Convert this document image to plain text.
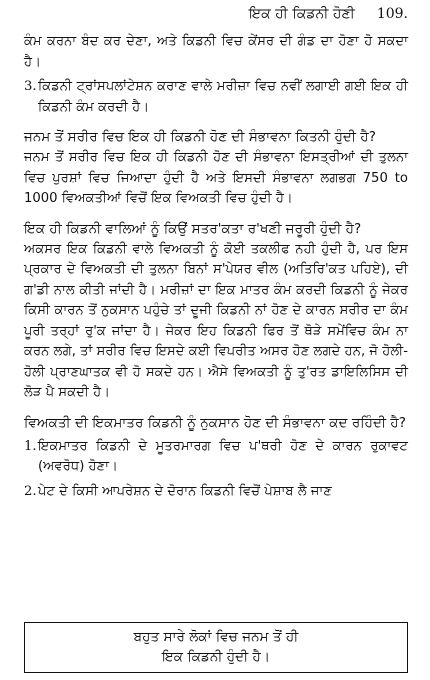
ਇਕ ਹੀ ਕਿਡਨੀ ਹੋਣੀ 109.

ਕੰਮ ਕਰਨਾ ਬੰਦ ਕਰ ਦੇਣਾ, ਅਤੇ ਕਿਡਨੀ ਵਿਚ ਕੇਂਸਰ ਦੀ ਗੰਡ ਦਾ ਹੋਣਾ ਹੋ ਸਕਦਾ ਹੈ।

3. ਕਿਡਨੀ ਟ੍ਰਾਂਸਪਲਾਂਟੇਸ਼ਨ ਕਰਾਣ ਵਾਲੇ ਮਰੀਜ਼ਾ ਵਿਚ ਨਵੀਂ ਲਗਾਈ ਗਈ ਇਕ ਹੀ ਕਿਡਨੀ ਕੰਮ ਕਰਦੀ ਹੈ।

ਜਨਮ ਤੋਂ ਸਰੀਰ ਵਿਚ ਇਕ ਹੀ ਕਿਡਨੀ ਹੋਣ ਦੀ ਸੰਭਾਵਨਾ ਕਿਤਨੀ ਹੁੰਦੀ ਹੈ?

ਜਨਮ ਤੋਂ ਸਰੀਰ ਵਿਚ ਇਕ ਹੀ ਕਿਡਨੀ ਹੋਣ ਦੀ ਸੰਭਾਵਨਾ ਇਸਤ੍ਰੀਆਂ ਦੀ ਤੁਲਨਾ ਵਿਚ ਪੁਰਸ਼ਾਂ ਵਿਚ ਜਿਆਦਾ ਹੁੰਦੀ ਹੈ ਅਤੇ ਇਸਦੀ ਸੰਭਾਵਨਾ ਲਗਭਗ 750 to 1000 ਵਿਅਕਤੀਆਂ ਵਿਚੋਂ ਇਕ ਵਿਅਕਤੀ ਵਿਚ ਹੁੰਦੀ ਹੈ।

ਇਕ ਹੀ ਕਿਡਨੀ ਵਾਲਿਆਂ ਨੂੰ ਕਿਉਂ ਸਤਰ'ਕਤਾ ਰ'ਖਣੀ ਜਰੂਰੀ ਹੁੰਦੀ ਹੈ?

ਅਕਸਰ ਇਕ ਕਿਡਨੀ ਵਾਲੇ ਵਿਅਕਤੀ ਨੂੰ ਕੋਈ ਤਕਲੀਫ ਨਹੀ ਹੁੰਦੀ ਹੈ, ਪਰ ਇਸ ਪ੍ਰਕਾਰ ਦੇ ਵਿਅਕਤੀ ਦੀ ਤੁਲਨਾ ਬਿਨਾਂ ਸ'ਪੇਯਰ ਵੀਲ (ਅਤਿਰਿ'ਕਤ ਪਹਿਏ), ਦੀ ਗ'ਡੀ ਨਾਲ ਕੀਤੀ ਜਾਂਦੀ ਹੈ। ਮਰੀਜ਼ਾਂ ਦਾ ਇਕ ਮਾਤਰ ਕੰਮ ਕਰਦੀ ਕਿਡਨੀ ਨੂੰ ਜੇਕਰ ਕਿਸੀ ਕਾਰਨ ਤੋਂ ਨੁਕਸਾਨ ਪਹੁੰਚੇ ਤਾਂ ਦੂਜੀ ਕਿਡਨੀ ਨਾਂ ਹੋਣ ਦੇ ਕਾਰਨ ਸਰੀਰ ਦਾ ਕੰਮ ਪੂਰੀ ਤਰ੍ਹਾਂ ਰੁ'ਕ ਜਾਂਦਾ ਹੈ। ਜੇਕਰ ਇਹ ਕਿਡਨੀ ਫਿਰ ਤੋਂ ਥੋੜੇ ਸਮੇਂਵਿਚ ਕੰਮ ਨਾ ਕਰਨ ਲਗੇ, ਤਾਂ ਸਰੀਰ ਵਿਚ ਇਸਦੇ ਕਈ ਵਿਪਰੀਤ ਅਸਰ ਹੋਣ ਲਗਦੇ ਹਨ, ਜੋ ਹੋਲੀ-ਹੋਲੀ ਪ੍ਰਾਣਘਾਤਕ ਵੀ ਹੋ ਸਕਦੇ ਹਨ। ਐਸੇ ਵਿਅਕਤੀ ਨੂੰ ਤੁ'ਰਤ ਡਾਇਲਿਸਿਸ ਦੀ ਲੋੜ ਪੈ ਸਕਦੀ ਹੈ।

ਵਿਅਕਤੀ ਦੀ ਇਕਮਾਤਰ ਕਿਡਨੀ ਨੂੰ ਨੁਕਸਾਨ ਹੋਣ ਦੀ ਸੰਭਾਵਨਾ ਕਦ ਰਹਿੰਦੀ ਹੈ?

1. ਇਕਮਾਤਰ ਕਿਡਨੀ ਦੇ ਮੂਤਰਮਾਰਗ ਵਿਚ ਪ'ਥਰੀ ਹੋਣ ਦੇ ਕਾਰਨ ਰੁਕਾਵਟ (ਅਵਰੋਧ) ਹੋਣਾ।
2. ਪੇਟ ਦੇ ਕਿਸੀ ਆਪਰੇਸ਼ਨ ਦੇ ਦੋਰਾਨ ਕਿਡਨੀ ਵਿਚੋਂ ਪੇਸ਼ਾਬ ਲੈ ਜਾਣ
ਬਹੁਤ ਸਾਰੇ ਲੋਕਾਂ ਵਿਚ ਜਨਮ ਤੋਂ ਹੀ
ਇਕ ਕਿਡਨੀ ਹੁੰਦੀ ਹੈ।
